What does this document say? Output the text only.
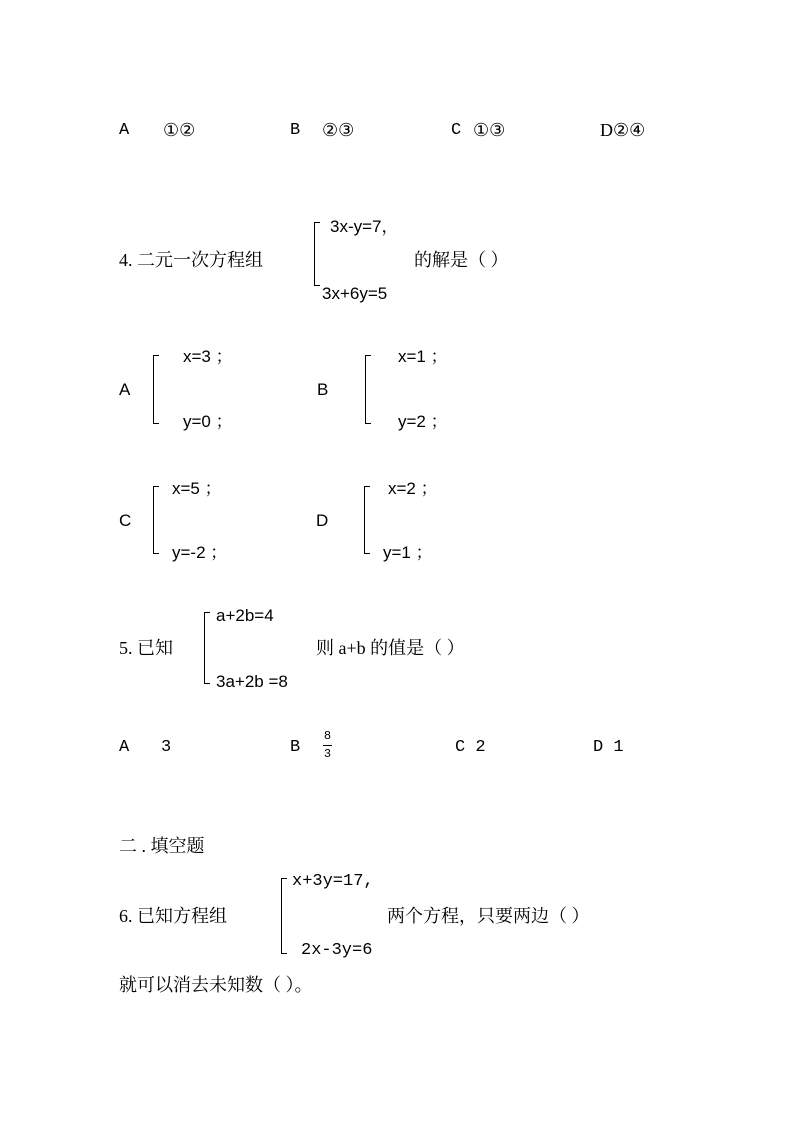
A ①②	B ②③	C ①③	D②④
4. 二元一次方程组
3x-y=7，
3x+6y=5
的解是（ ）
A
x=3 ；
y=0 ；
B
x=1 ；
y=2 ；
C
x=5 ；
y=-2 ；
D
x=2 ；
y=1 ；
5. 已知
a+2b=4
3a+2b =8
则 a+b 的值是（ ）
A 3	B
8
3	C 2	D 1
二 . 填空题
6. 已知方程组
x+3y=17,
2x-3y=6
两个方程，只要两边（ ）
就可以消去未知数（ ）。
